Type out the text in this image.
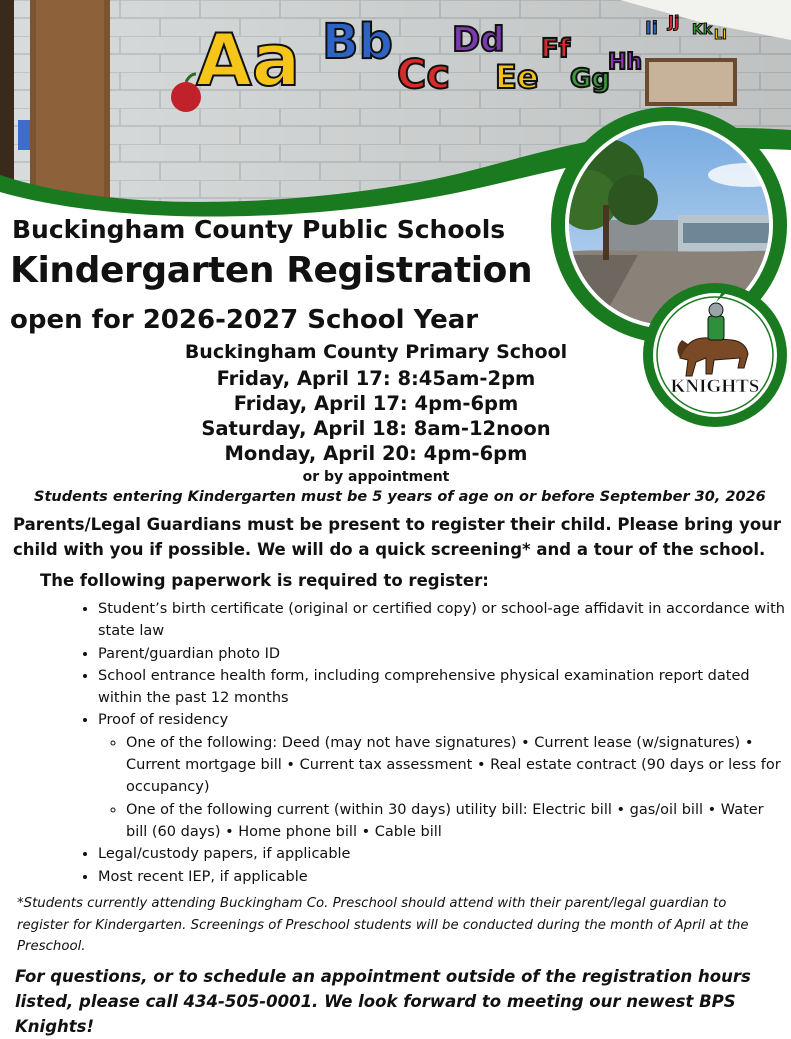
Aa Bb
Cc
Dd
Ee
Ff
Gg
Hh
Ii Jj Kk Ll
KNIGHTS
Buckingham County Public Schools
Kindergarten Registration
open for 2026-2027 School Year
Buckingham County Primary School
Friday, April 17: 8:45am-2pm
Friday, April 17: 4pm-6pm
Saturday, April 18: 8am-12noon
Monday, April 20: 4pm-6pm
or by appointment
Students entering Kindergarten must be 5 years of age on or before September 30, 2026
Parents/Legal Guardians must be present to register their child. Please bring your child with you if possible. We will do a quick screening* and a tour of the school.
The following paperwork is required to register:
• Student’s birth certificate (original or certified copy) or school-age affidavit in accordance with state law
• Parent/guardian photo ID
• School entrance health form, including comprehensive physical examination report dated within the past 12 months
• Proof of residency
◦ One of the following: Deed (may not have signatures) • Current lease (w/signatures) • Current mortgage bill • Current tax assessment • Real estate contract (90 days or less for occupancy)
◦ One of the following current (within 30 days) utility bill: Electric bill • gas/oil bill • Water bill (60 days) • Home phone bill • Cable bill
• Legal/custody papers, if applicable
• Most recent IEP, if applicable
*Students currently attending Buckingham Co. Preschool should attend with their parent/legal guardian to register for Kindergarten. Screenings of Preschool students will be conducted during the month of April at the Preschool.
For questions, or to schedule an appointment outside of the registration hours listed, please call 434-505-0001. We look forward to meeting our newest BPS Knights!
